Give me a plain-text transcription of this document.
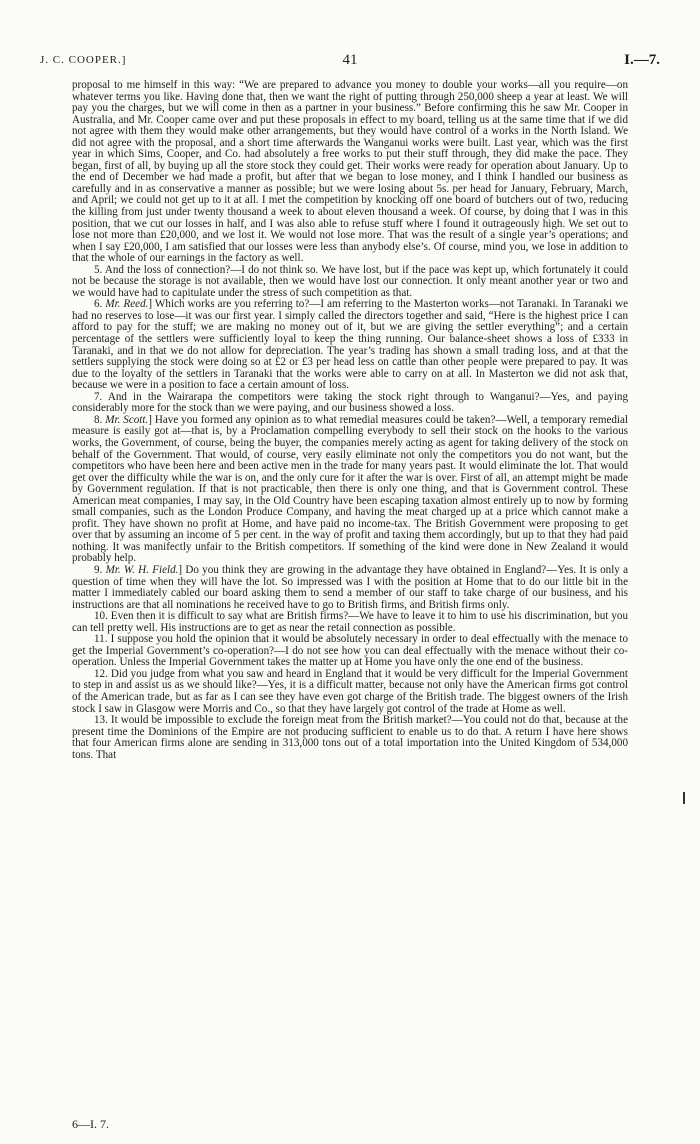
J. C. COOPER.]	41	I.—7.

proposal to me himself in this way: “We are prepared to advance you money to double your works—all you require—on whatever terms you like. Having done that, then we want the right of putting through 250,000 sheep a year at least. We will pay you the charges, but we will come in then as a partner in your business.” Before confirming this he saw Mr. Cooper in Australia, and Mr. Cooper came over and put these proposals in effect to my board, telling us at the same time that if we did not agree with them they would make other arrangements, but they would have control of a works in the North Island. We did not agree with the proposal, and a short time afterwards the Wanganui works were built. Last year, which was the first year in which Sims, Cooper, and Co. had absolutely a free works to put their stuff through, they did make the pace. They began, first of all, by buying up all the store stock they could get. Their works were ready for operation about January. Up to the end of December we had made a profit, but after that we began to lose money, and I think I handled our business as carefully and in as conservative a manner as possible; but we were losing about 5s. per head for January, February, March, and April; we could not get up to it at all. I met the competition by knocking off one board of butchers out of two, reducing the killing from just under twenty thousand a week to about eleven thousand a week. Of course, by doing that I was in this position, that we cut our losses in half, and I was also able to refuse stuff where I found it outrageously high. We set out to lose not more than £20,000, and we lost it. We would not lose more. That was the result of a single year’s operations; and when I say £20,000, I am satisfied that our losses were less than anybody else’s. Of course, mind you, we lose in addition to that the whole of our earnings in the factory as well.

5. And the loss of connection?—I do not think so. We have lost, but if the pace was kept up, which fortunately it could not be because the storage is not available, then we would have lost our connection. It only meant another year or two and we would have had to capitulate under the stress of such competition as that.

6. Mr. Reed.] Which works are you referring to?—I am referring to the Masterton works—not Taranaki. In Taranaki we had no reserves to lose—it was our first year. I simply called the directors together and said, “Here is the highest price I can afford to pay for the stuff; we are making no money out of it, but we are giving the settler everything”; and a certain percentage of the settlers were sufficiently loyal to keep the thing running. Our balance-sheet shows a loss of £333 in Taranaki, and in that we do not allow for depreciation. The year’s trading has shown a small trading loss, and at that the settlers supplying the stock were doing so at £2 or £3 per head less on cattle than other people were prepared to pay. It was due to the loyalty of the settlers in Taranaki that the works were able to carry on at all. In Masterton we did not ask that, because we were in a position to face a certain amount of loss.

7. And in the Wairarapa the competitors were taking the stock right through to Wanganui?—Yes, and paying considerably more for the stock than we were paying, and our business showed a loss.

8. Mr. Scott.] Have you formed any opinion as to what remedial measures could be taken?—Well, a temporary remedial measure is easily got at—that is, by a Proclamation compelling everybody to sell their stock on the hooks to the various works, the Government, of course, being the buyer, the companies merely acting as agent for taking delivery of the stock on behalf of the Government. That would, of course, very easily eliminate not only the competitors you do not want, but the competitors who have been here and been active men in the trade for many years past. It would eliminate the lot. That would get over the difficulty while the war is on, and the only cure for it after the war is over. First of all, an attempt might be made by Government regulation. If that is not practicable, then there is only one thing, and that is Government control. These American meat companies, I may say, in the Old Country have been escaping taxation almost entirely up to now by forming small companies, such as the London Produce Company, and having the meat charged up at a price which cannot make a profit. They have shown no profit at Home, and have paid no income-tax. The British Government were proposing to get over that by assuming an income of 5 per cent. in the way of profit and taxing them accordingly, but up to that they had paid nothing. It was manifectly unfair to the British competitors. If something of the kind were done in New Zealand it would probably help.

9. Mr. W. H. Field.] Do you think they are growing in the advantage they have obtained in England?—Yes. It is only a question of time when they will have the lot. So impressed was I with the position at Home that to do our little bit in the matter I immediately cabled our board asking them to send a member of our staff to take charge of our business, and his instructions are that all nominations he received have to go to British firms, and British firms only.

10. Even then it is difficult to say what are British firms?—We have to leave it to him to use his discrimination, but you can tell pretty well. His instructions are to get as near the retail connection as possible.

11. I suppose you hold the opinion that it would be absolutely necessary in order to deal effectually with the menace to get the Imperial Government’s co-operation?—I do not see how you can deal effectually with the menace without their co-operation. Unless the Imperial Government takes the matter up at Home you have only the one end of the business.

12. Did you judge from what you saw and heard in England that it would be very difficult for the Imperial Government to step in and assist us as we should like?—Yes, it is a difficult matter, because not only have the American firms got control of the American trade, but as far as I can see they have even got charge of the British trade. The biggest owners of the Irish stock I saw in Glasgow were Morris and Co., so that they have largely got control of the trade at Home as well.

13. It would be impossible to exclude the foreign meat from the British market?—You could not do that, because at the present time the Dominions of the Empire are not producing sufficient to enable us to do that. A return I have here shows that four American firms alone are sending in 313,000 tons out of a total importation into the United Kingdom of 534,000 tons. That

6—I. 7.
